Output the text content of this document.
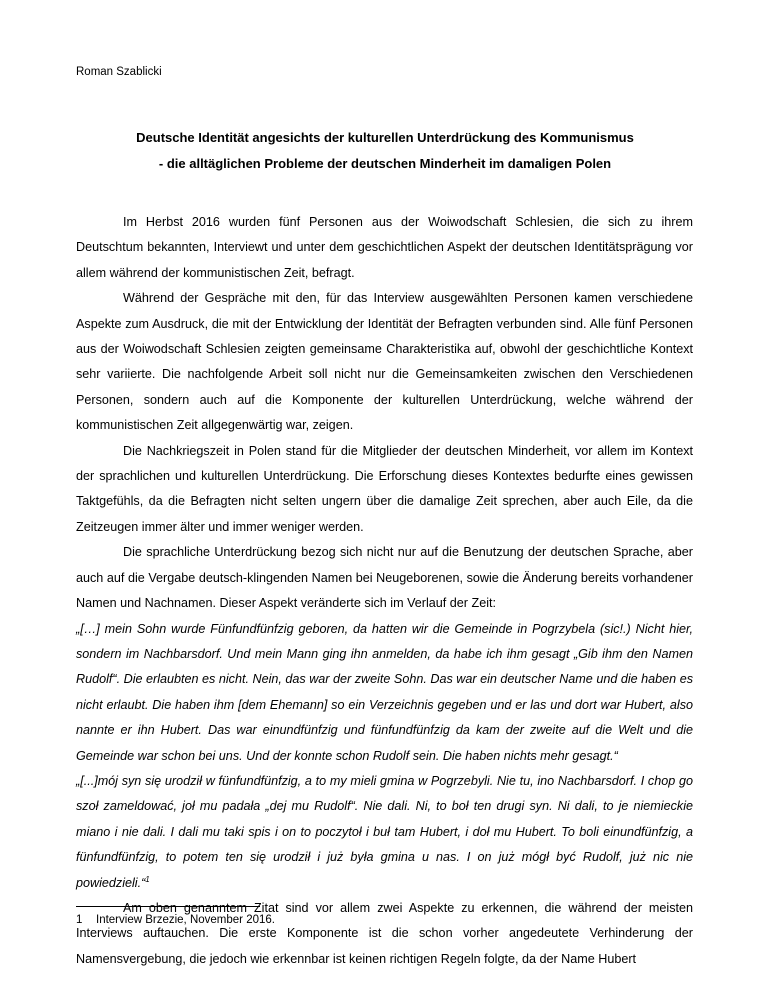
Roman Szablicki
Deutsche Identität angesichts der kulturellen Unterdrückung des Kommunismus
- die alltäglichen Probleme der deutschen Minderheit im damaligen Polen

Im Herbst 2016 wurden fünf Personen aus der Woiwodschaft Schlesien, die sich zu ihrem Deutschtum bekannten, Interviewt und unter dem geschichtlichen Aspekt der deutschen Identitätsprägung vor allem während der kommunistischen Zeit, befragt.

Während der Gespräche mit den, für das Interview ausgewählten Personen kamen verschiedene Aspekte zum Ausdruck, die mit der Entwicklung der Identität der Befragten verbunden sind. Alle fünf Personen aus der Woiwodschaft Schlesien zeigten gemeinsame Charakteristika auf, obwohl der geschichtliche Kontext sehr variierte. Die nachfolgende Arbeit soll nicht nur die Gemeinsamkeiten zwischen den Verschiedenen Personen, sondern auch auf die Komponente der kulturellen Unterdrückung, welche während der kommunistischen Zeit allgegenwärtig war, zeigen.

Die Nachkriegszeit in Polen stand für die Mitglieder der deutschen Minderheit, vor allem im Kontext der sprachlichen und kulturellen Unterdrückung. Die Erforschung dieses Kontextes bedurfte eines gewissen Taktgefühls, da die Befragten nicht selten ungern über die damalige Zeit sprechen, aber auch Eile, da die Zeitzeugen immer älter und immer weniger werden.

Die sprachliche Unterdrückung bezog sich nicht nur auf die Benutzung der deutschen Sprache, aber auch auf die Vergabe deutsch-klingenden Namen bei Neugeborenen, sowie die Änderung bereits vorhandener Namen und Nachnamen. Dieser Aspekt veränderte sich im Verlauf der Zeit:

„[…] mein Sohn wurde Fünfundfünfzig geboren, da hatten wir die Gemeinde in Pogrzybela (sic!.) Nicht hier, sondern im Nachbarsdorf. Und mein Mann ging ihn anmelden, da habe ich ihm gesagt „Gib ihm den Namen Rudolf“. Die erlaubten es nicht. Nein, das war der zweite Sohn. Das war ein deutscher Name und die haben es nicht erlaubt. Die haben ihm [dem Ehemann] so ein Verzeichnis gegeben und er las und dort war Hubert, also nannte er ihn Hubert. Das war einundfünfzig und fünfundfünfzig da kam der zweite auf die Welt und die Gemeinde war schon bei uns. Und der konnte schon Rudolf sein. Die haben nichts mehr gesagt.“

„[...]mój syn się urodził w fünfundfünfzig, a to my mieli gmina w Pogrzebyli. Nie tu, ino Nachbarsdorf. I chop go szoł zameldować, joł mu padała „dej mu Rudolf“. Nie dali. Ni, to boł ten drugi syn. Ni dali, to je niemieckie miano i nie dali. I dali mu taki spis i on to poczytoł i buł tam Hubert, i doł mu Hubert. To boli einundfünfzig, a fünfundfünfzig, to potem ten się urodził i już była gmina u nas. I on już mógł być Rudolf, już nic nie powiedzieli.“$^1$

Am oben genanntem Zitat sind vor allem zwei Aspekte zu erkennen, die während der meisten Interviews auftauchen. Die erste Komponente ist die schon vorher angedeutete Verhinderung der Namensvergebung, die jedoch wie erkennbar ist keinen richtigen Regeln folgte, da der Name Hubert

1 Interview Brzezie, November 2016.
